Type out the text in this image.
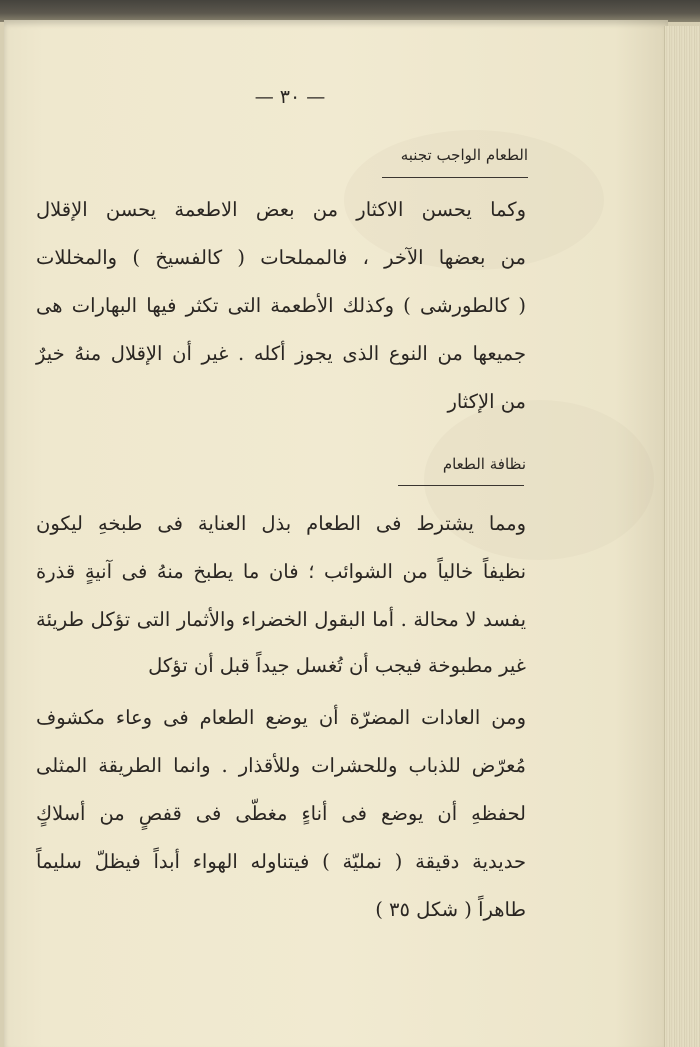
— ٣٠ —
الطعام الواجب تجنبه
وكما يحسن الاكثار من بعض الاطعمة يحسن الإقلال
من بعضها الآخر ، فالمملحات ( كالفسيخ ) والمخللات
( كالطورشى ) وكذلك الأطعمة التى تكثر فيها البهارات هى
جميعها من النوع الذى يجوز أكله . غير أن الإقلال منهُ خيرٌ
من الإكثار
نظافة الطعام
ومما يشترط فى الطعام بذل العناية فى طبخهِ ليكون
نظيفاً خالياً من الشوائب ؛ فان ما يطبخ منهُ فى آنيةٍ قذرة
يفسد لا محالة . أما البقول الخضراء والأثمار التى تؤكل طريئة
غير مطبوخة فيجب أن تُغسل جيداً قبل أن تؤكل
ومن العادات المضرّة أن يوضع الطعام فى وعاء مكشوف
مُعرّض للذباب وللحشرات وللأقذار . وانما الطريقة المثلى
لحفظهِ أن يوضع فى أناءٍ مغطّى فى قفصٍ من أسلاكٍ
حديدية دقيقة ( نمليّة ) فيتناوله الهواء أبداً فيظلّ سليماً
طاهراً ( شكل ٣٥ )
